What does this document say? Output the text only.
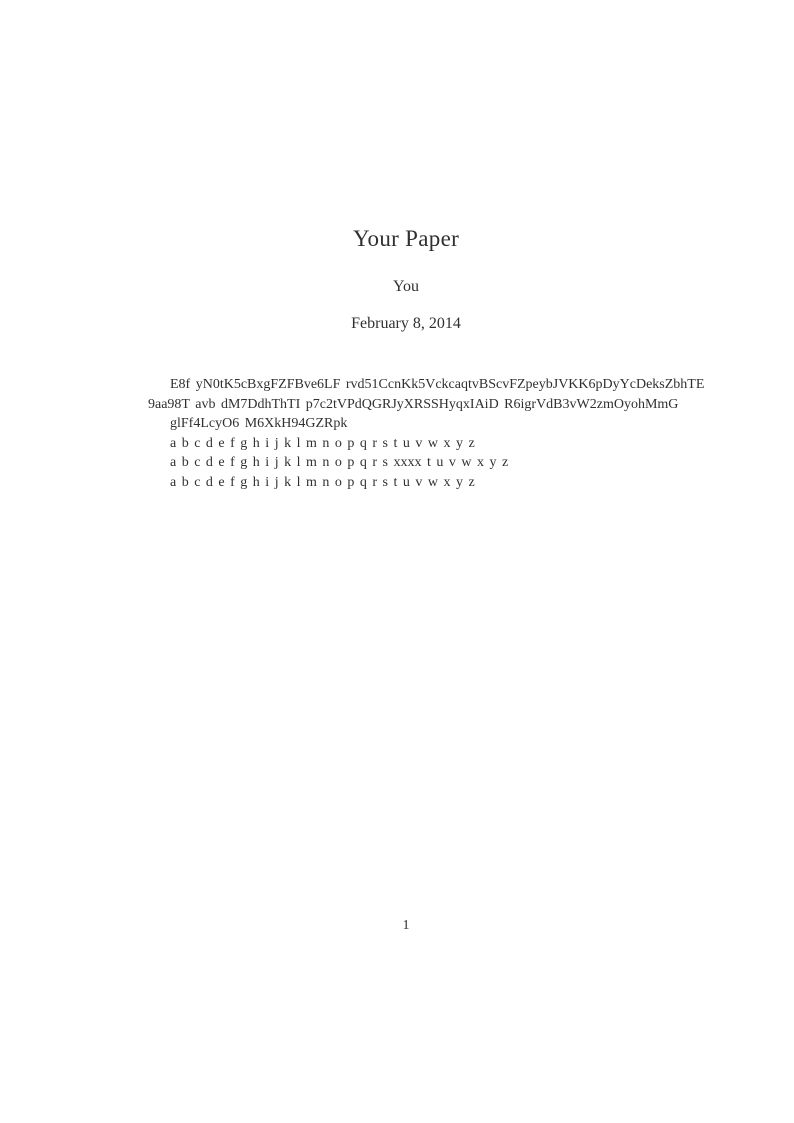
Your Paper
You
February 8, 2014
E8f yN0tK5cBxgFZFBve6LF rvd51CcnKk5VckcaqtvBScvFZpeybJVKK6pDyYcDeksZbhTE
9aa98T avb dM7DdhThTI p7c2tVPdQGRJyXRSSHyqxIAiD R6igrVdB3vW2zmOyohMmG
glFf4LcyO6 M6XkH94GZRpk
a b c d e f g h i j k l m n o p q r s t u v w x y z
a b c d e f g h i j k l m n o p q r s xxxx t u v w x y z
a b c d e f g h i j k l m n o p q r s t u v w x y z
1
